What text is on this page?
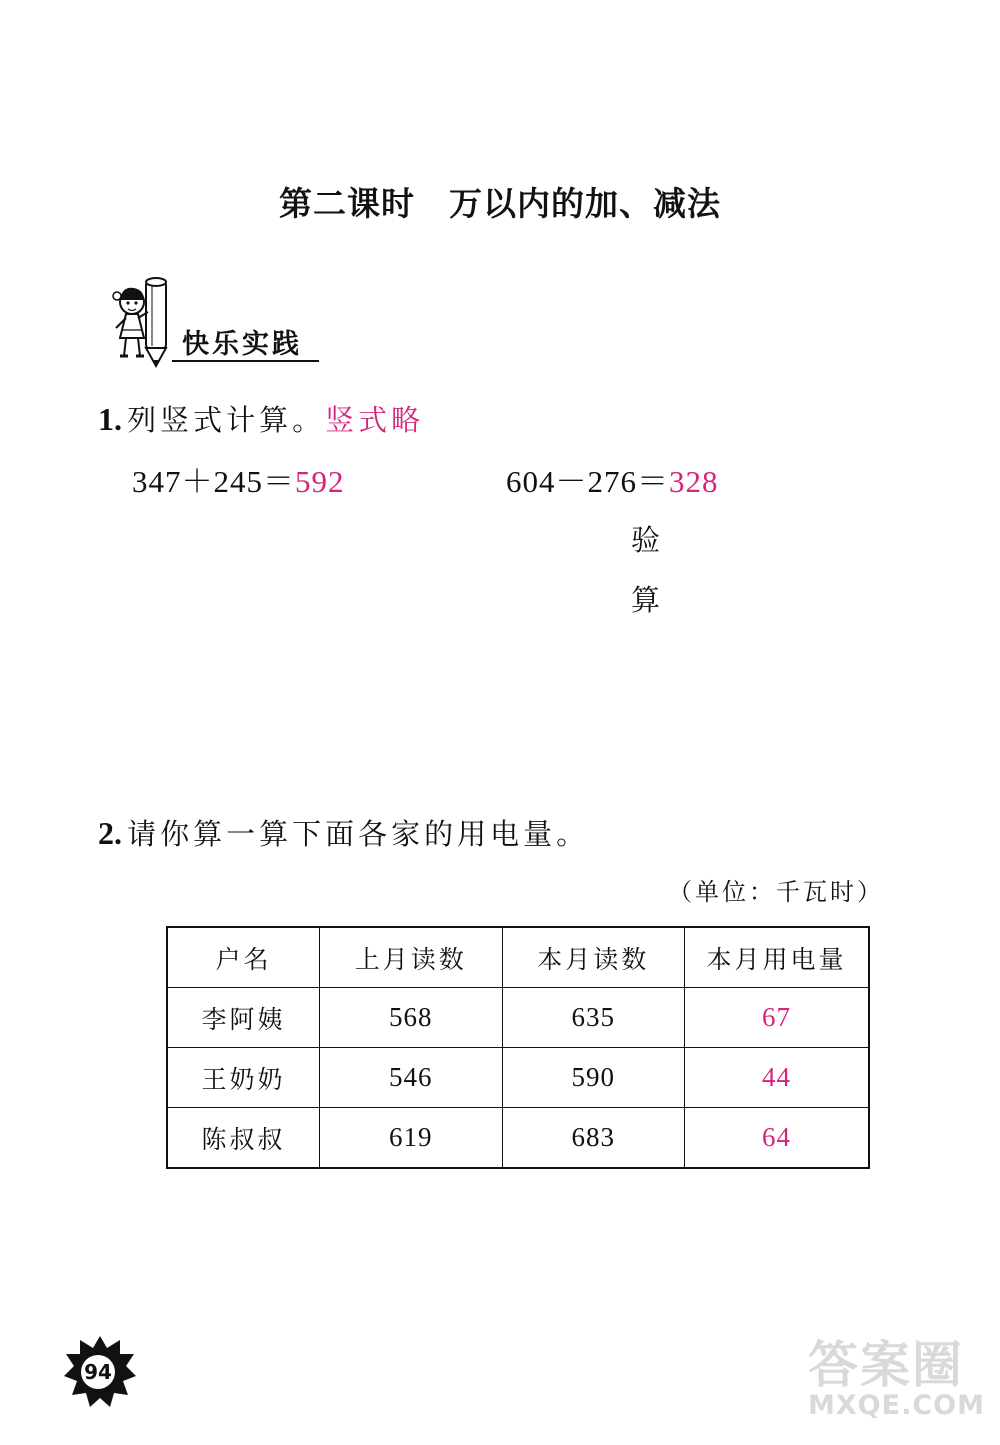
第二课时　万以内的加、减法
快乐实践
1. 列竖式计算。竖式略
347＋245＝592	604－276＝328
验
算
2. 请你算一算下面各家的用电量。
（单位：千瓦时）
户名	上月读数	本月读数	本月用电量
李阿姨	568	635	67
王奶奶	546	590	44
陈叔叔	619	683	64
94	答案圈
MXQE.COM
